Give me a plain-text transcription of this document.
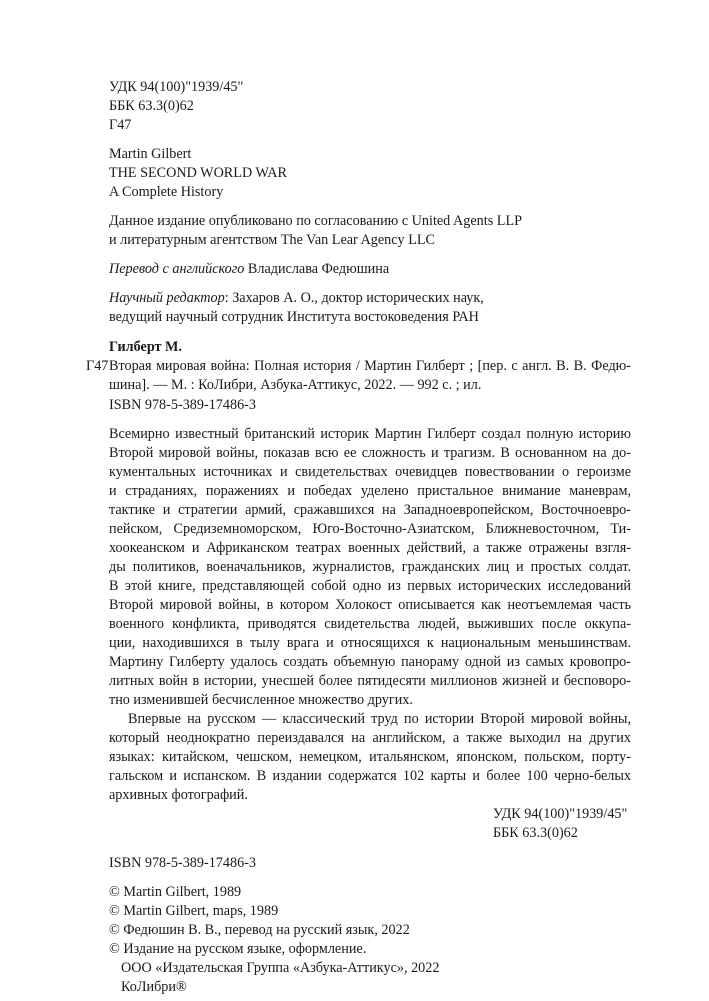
УДК 94(100)"1939/45"
ББК 63.3(0)62
Г47
Martin Gilbert
THE SECOND WORLD WAR
A Complete History
Данное издание опубликовано по согласованию с United Agents LLP
и литературным агентством The Van Lear Agency LLC
Перевод с английского Владислава Федюшина
Научный редактор: Захаров А. О., доктор исторических наук,
ведущий научный сотрудник Института востоковедения РАН
Гилберт М.
Г47 Вторая мировая война: Полная история / Мартин Гилберт ; [пер. с англ. В. В. Федю-
шина]. — М. : КоЛибри, Азбука-Аттикус, 2022. — 992 с. ; ил.
ISBN 978-5-389-17486-3
Всемирно известный британский историк Мартин Гилберт создал полную историю
Второй мировой войны, показав всю ее сложность и трагизм. В основанном на до-
кументальных источниках и свидетельствах очевидцев повествовании о героизме
и страданиях, поражениях и победах уделено пристальное внимание маневрам,
тактике и стратегии армий, сражавшихся на Западноевропейском, Восточноевро-
пейском, Средиземноморском, Юго-Восточно-Азиатском, Ближневосточном, Ти-
хоокеанском и Африканском театрах военных действий, а также отражены взгля-
ды политиков, военачальников, журналистов, гражданских лиц и простых солдат.
В этой книге, представляющей собой одно из первых исторических исследований
Второй мировой войны, в котором Холокост описывается как неотъемлемая часть
военного конфликта, приводятся свидетельства людей, выживших после оккупа-
ции, находившихся в тылу врага и относящихся к национальным меньшинствам.
Мартину Гилберту удалось создать объемную панораму одной из самых кровопро-
литных войн в истории, унесшей более пятидесяти миллионов жизней и бесповоро-
тно изменившей бесчисленное множество других.
Впервые на русском — классический труд по истории Второй мировой войны,
который неоднократно переиздавался на английском, а также выходил на других
языках: китайском, чешском, немецком, итальянском, японском, польском, порту-
гальском и испанском. В издании содержатся 102 карты и более 100 черно-белых
архивных фотографий.
УДК 94(100)"1939/45"
ББК 63.3(0)62
ISBN 978-5-389-17486-3
© Martin Gilbert, 1989
© Martin Gilbert, maps, 1989
© Федюшин В. В., перевод на русский язык, 2022
© Издание на русском языке, оформление.
ООО «Издательская Группа «Азбука-Аттикус», 2022
КоЛибри®
